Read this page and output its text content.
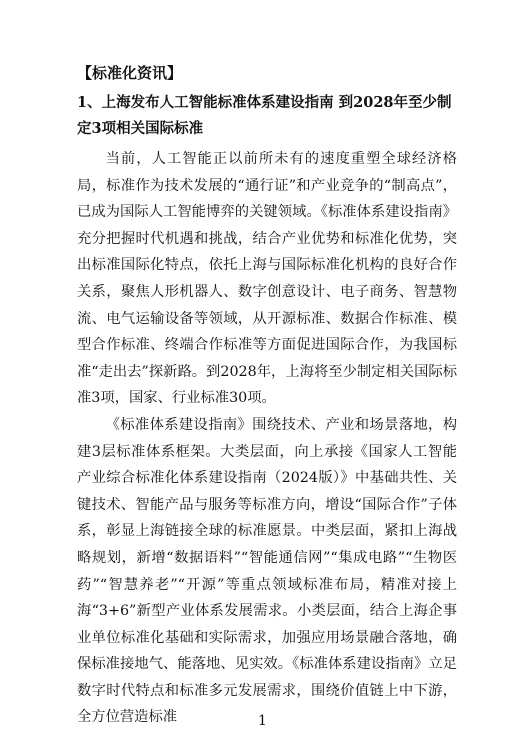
【标准化资讯】
1、上海发布人工智能标准体系建设指南 到2028年至少制定3项相关国际标准

当前，人工智能正以前所未有的速度重塑全球经济格局，标准作为技术发展的“通行证”和产业竞争的“制高点”，已成为国际人工智能博弈的关键领域。《标准体系建设指南》充分把握时代机遇和挑战，结合产业优势和标准化优势，突出标准国际化特点，依托上海与国际标准化机构的良好合作关系，聚焦人形机器人、数字创意设计、电子商务、智慧物流、电气运输设备等领域，从开源标准、数据合作标准、模型合作标准、终端合作标准等方面促进国际合作，为我国标准“走出去”探新路。到2028年，上海将至少制定相关国际标准3项，国家、行业标准30项。

《标准体系建设指南》围绕技术、产业和场景落地，构建3层标准体系框架。大类层面，向上承接《国家人工智能产业综合标准化体系建设指南（2024版）》中基础共性、关键技术、智能产品与服务等标准方向，增设“国际合作”子体系，彰显上海链接全球的标准愿景。中类层面，紧扣上海战略规划，新增“数据语料”“智能通信网”“集成电路”“生物医药”“智慧养老”“开源”等重点领域标准布局，精准对接上海“3+6”新型产业体系发展需求。小类层面，结合上海企事业单位标准化基础和实际需求，加强应用场景融合落地，确保标准接地气、能落地、见实效。《标准体系建设指南》立足数字时代特点和标准多元发展需求，围绕价值链上中下游，全方位营造标准	1
